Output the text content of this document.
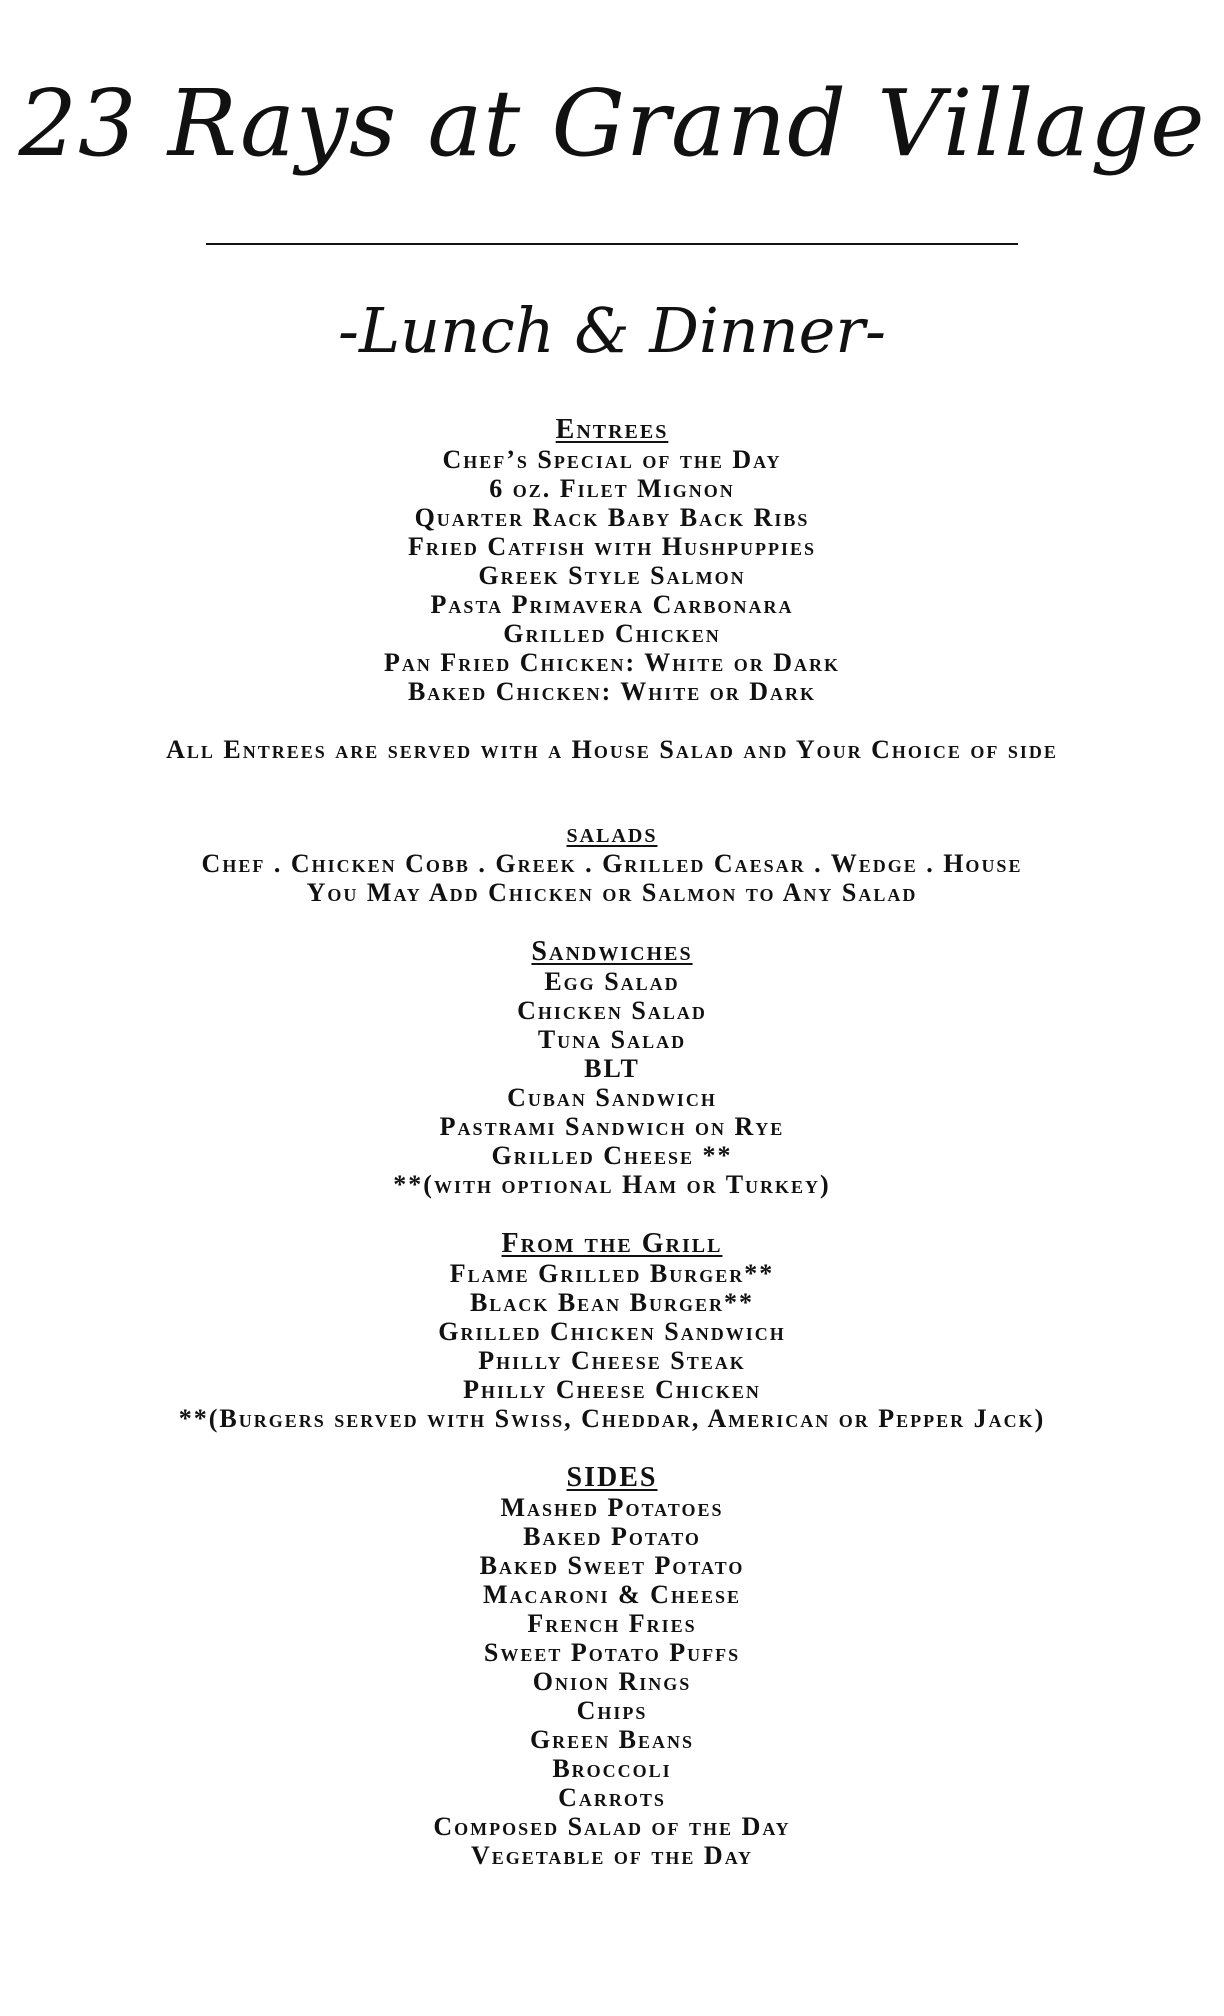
23 Rays at Grand Village
-Lunch & Dinner-
Entrees
Chef’s Special of the Day
6 oz. Filet Mignon
Quarter Rack Baby Back Ribs
Fried Catfish with Hushpuppies
Greek Style Salmon
Pasta Primavera Carbonara
Grilled Chicken
Pan Fried Chicken: White or Dark
Baked Chicken: White or Dark
All Entrees are served with a House Salad and Your Choice of side
salads
Chef . Chicken Cobb . Greek . Grilled Caesar . Wedge . House
You May Add Chicken or Salmon to Any Salad
Sandwiches
Egg Salad
Chicken Salad
Tuna Salad
BLT
Cuban Sandwich
Pastrami Sandwich on Rye
Grilled Cheese **
**(with optional Ham or Turkey)
From the Grill
Flame Grilled Burger**
Black Bean Burger**
Grilled Chicken Sandwich
Philly Cheese Steak
Philly Cheese Chicken
**(Burgers served with Swiss, Cheddar, American or Pepper Jack)
SIDES
Mashed Potatoes
Baked Potato
Baked Sweet Potato
Macaroni & Cheese
French Fries
Sweet Potato Puffs
Onion Rings
Chips
Green Beans
Broccoli
Carrots
Composed Salad of the Day
Vegetable of the Day
